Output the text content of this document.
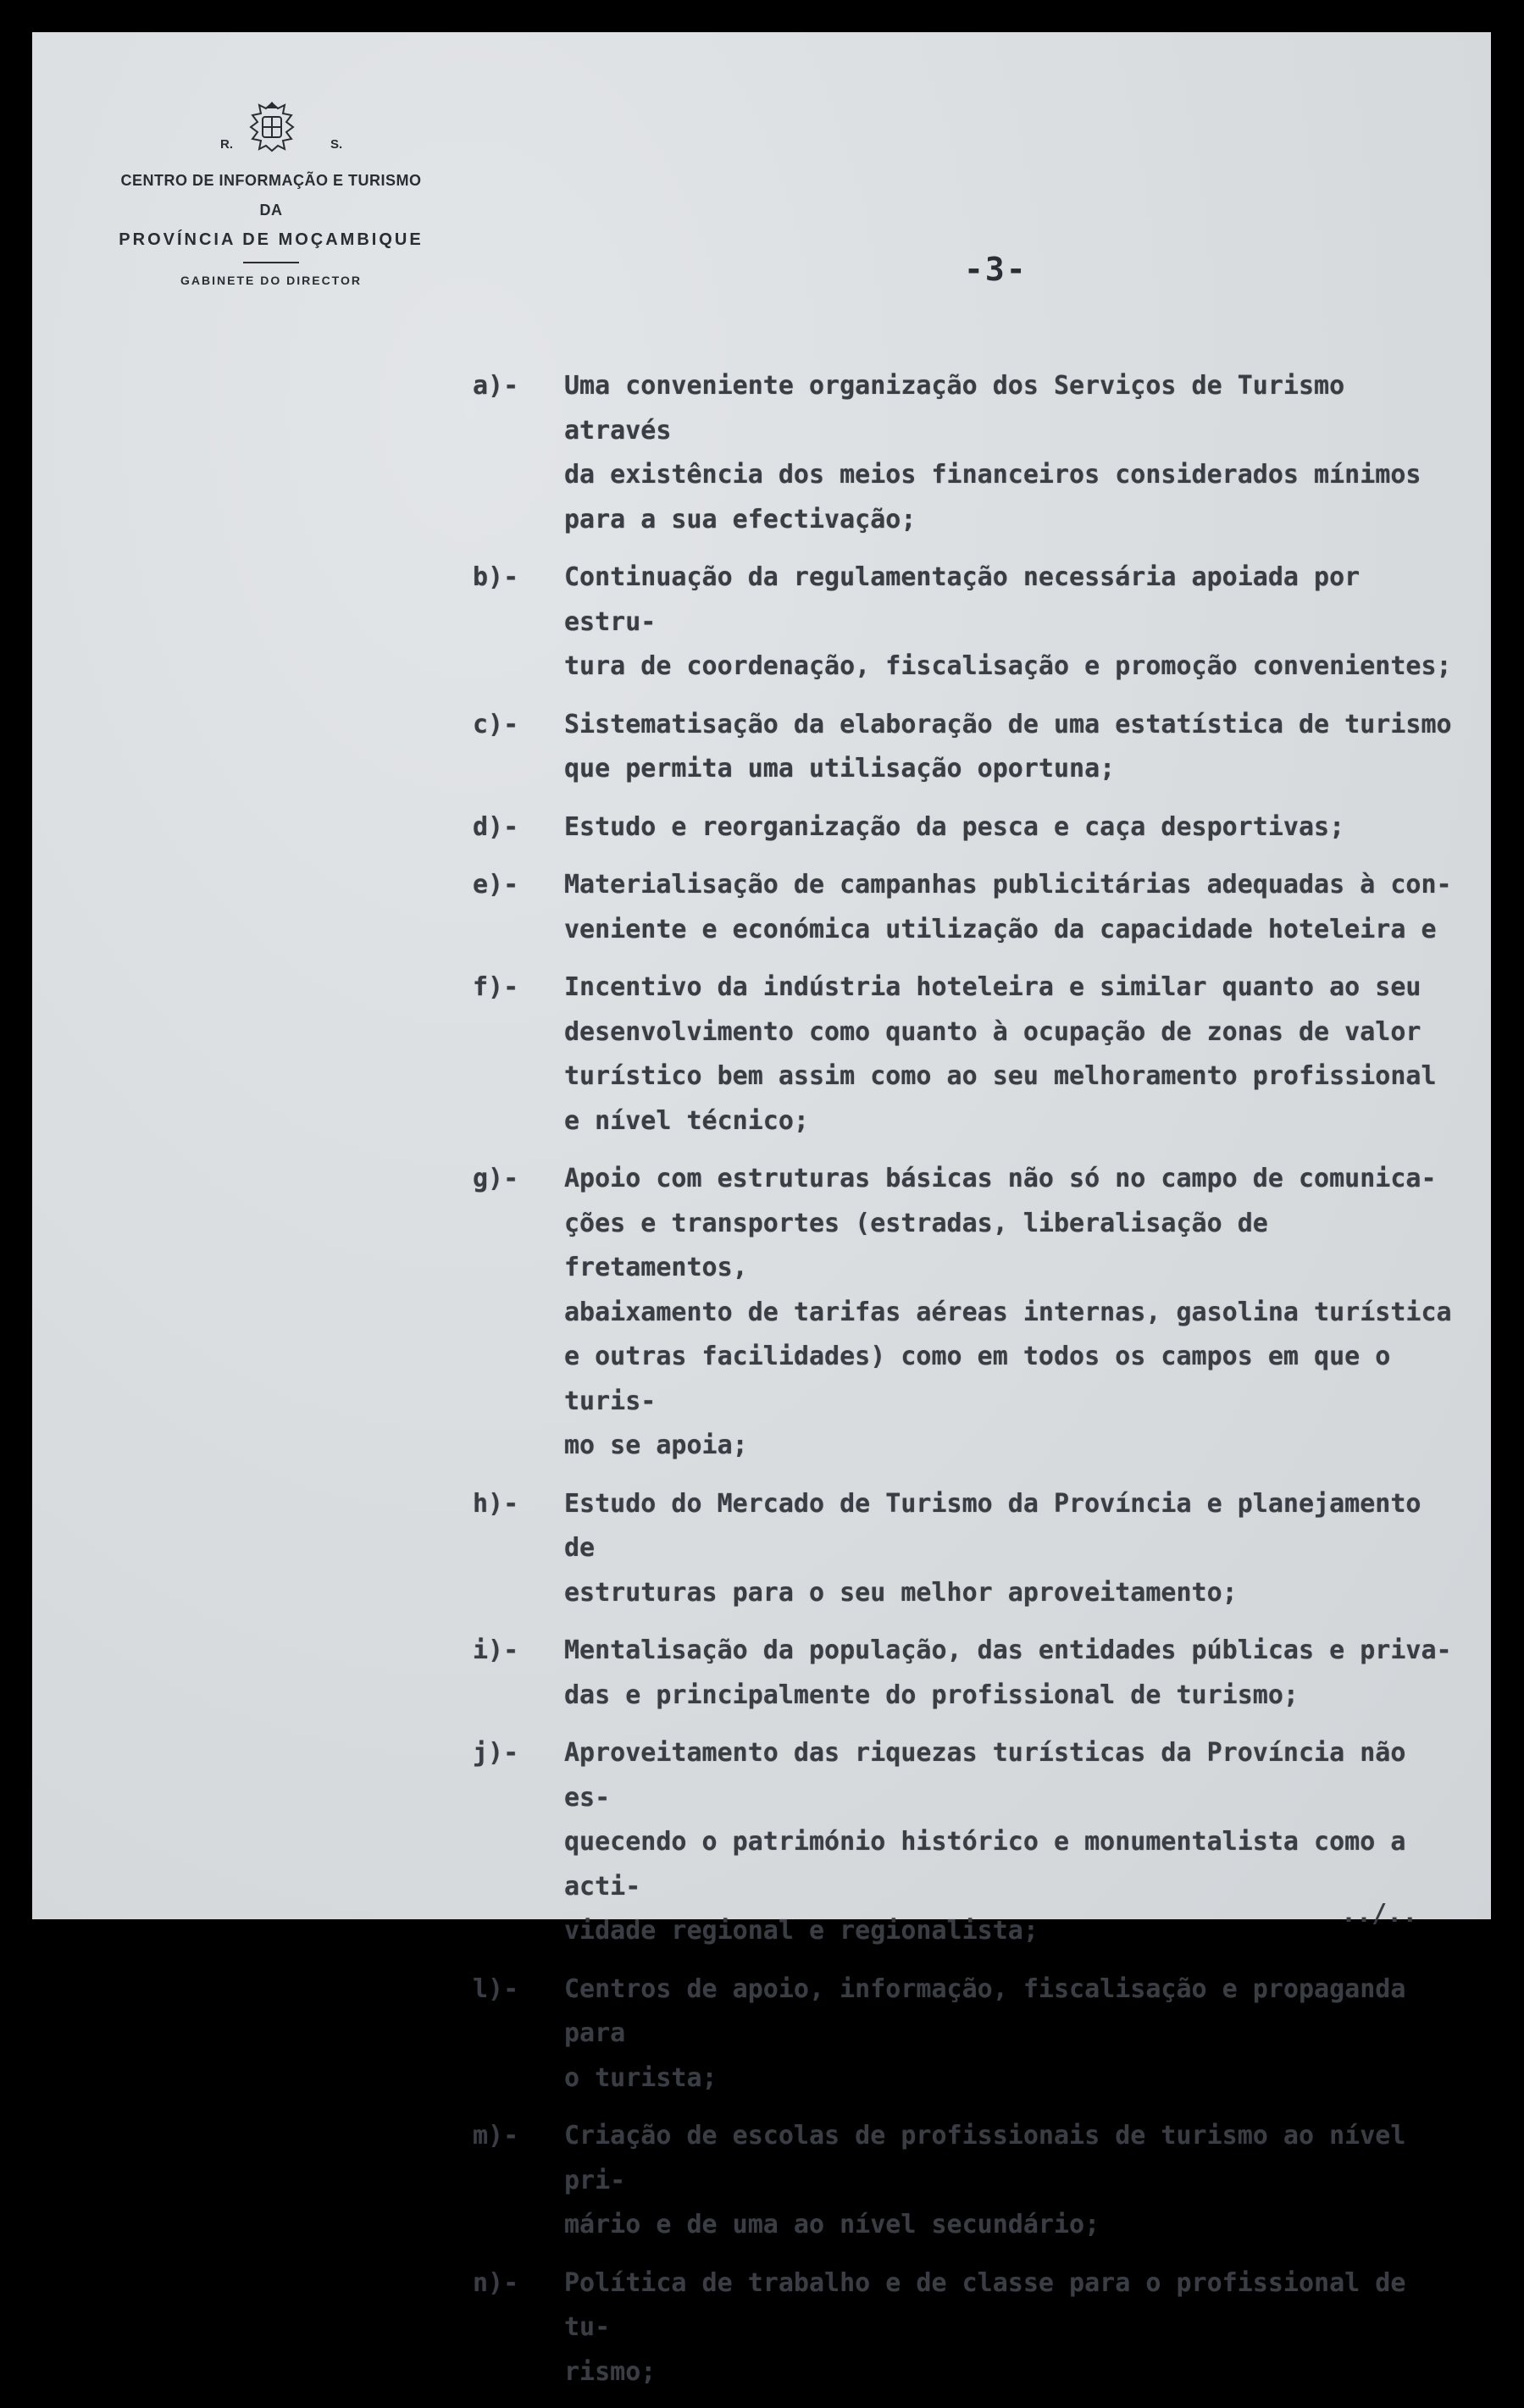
R.	S.
CENTRO DE INFORMAÇÃO E TURISMO
DA
PROVÍNCIA DE MOÇAMBIQUE
GABINETE DO DIRECTOR	-3-
a)-	Uma conveniente organização dos Serviços de Turismo através
da existência dos meios financeiros considerados mínimos
para a sua efectivação;
b)-	Continuação da regulamentação necessária apoiada por estru-
tura de coordenação, fiscalisação e promoção convenientes;
c)-	Sistematisação da elaboração de uma estatística de turismo
que permita uma utilisação oportuna;
d)-	Estudo e reorganização da pesca e caça desportivas;
e)-	Materialisação de campanhas publicitárias adequadas à con-
veniente e económica utilização da capacidade hoteleira e
f)-	Incentivo da indústria hoteleira e similar quanto ao seu
desenvolvimento como quanto à ocupação de zonas de valor
turístico bem assim como ao seu melhoramento profissional
e nível técnico;
g)-	Apoio com estruturas básicas não só no campo de comunica-
ções e transportes (estradas, liberalisação de fretamentos,
abaixamento de tarifas aéreas internas, gasolina turística
e outras facilidades) como em todos os campos em que o turis-
mo se apoia;
h)-	Estudo do Mercado de Turismo da Província e planejamento de
estruturas para o seu melhor aproveitamento;
i)-	Mentalisação da população, das entidades públicas e priva-
das e principalmente do profissional de turismo;
j)-	Aproveitamento das riquezas turísticas da Província não es-
quecendo o património histórico e monumentalista como a acti-
vidade regional e regionalista;
l)-	Centros de apoio, informação, fiscalisação e propaganda para
o turista;
m)-	Criação de escolas de profissionais de turismo ao nível pri-
mário e de uma ao nível secundário;
n)-	Política de trabalho e de classe para o profissional de tu-
rismo;
../..
